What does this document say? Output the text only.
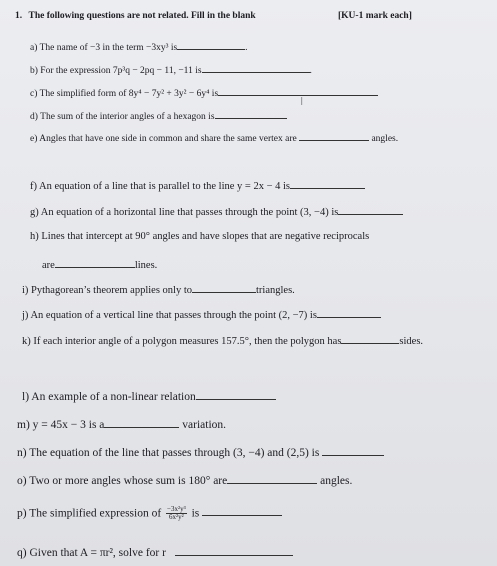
1. The following questions are not related. Fill in the blank	[KU-1 mark each]
a) The name of −3 in the term −3xy³ is	.
b) For the expression 7p³q − 2pq − 11, −11 is	.
c) The simplified form of 8y⁴ − 7y² + 3y² − 6y⁴ is
I
d) The sum of the interior angles of a hexagon is
e) Angles that have one side in common and share the same vertex are	angles.
f) An equation of a line that is parallel to the line y = 2x − 4 is
g) An equation of a horizontal line that passes through the point (3, −4) is
h) Lines that intercept at 90° angles and have slopes that are negative reciprocals
are	lines.
i) Pythagorean’s theorem applies only to	triangles.
j) An equation of a vertical line that passes through the point (2, −7) is
k) If each interior angle of a polygon measures 157.5°, then the polygon has	sides.
l) An example of a non-linear relation
m) y = 45x − 3 is a	variation.
n) The equation of the line that passes through (3, −4) and (2,5) is
o) Two or more angles whose sum is 180° are	angles.
p) The simplified expression of $\frac{\text{−3x²y³}}{\text{6x²y²}}$ is
q) Given that A = πr², solve for r
